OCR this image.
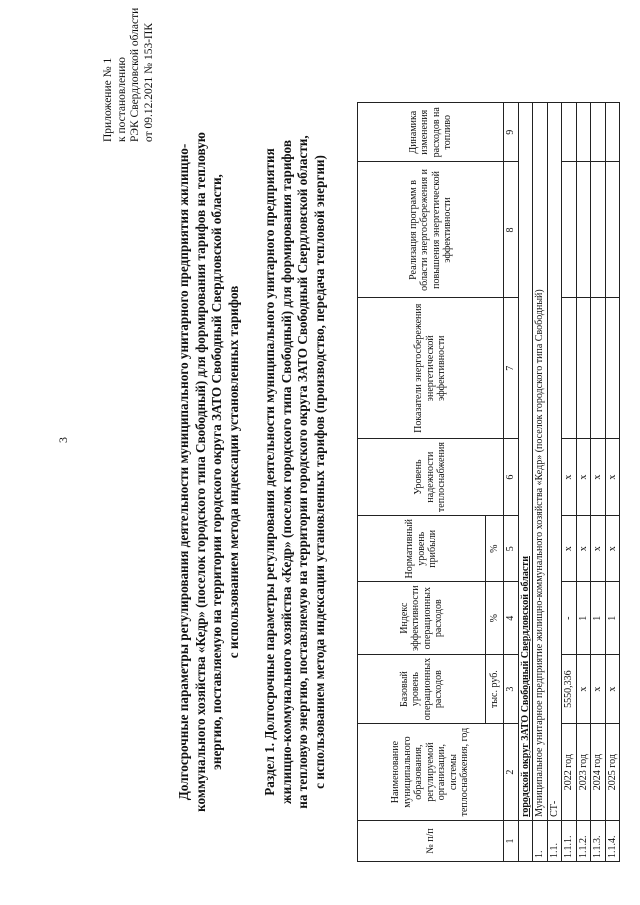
3
Приложение № 1 к постановлению РЭК Свердловской области от 09.12.2021 № 153-ПК
Долгосрочные параметры регулирования деятельности муниципального унитарного предприятия жилищно-
коммунального хозяйства «Кедр» (поселок городского типа Свободный) для формирования тарифов на тепловую
энергию, поставляемую на территории городского округа ЗАТО Свободный Свердловской области,
с использованием метода индексации установленных тарифов
Раздел 1. Долгосрочные параметры регулирования деятельности муниципального унитарного предприятия
жилищно-коммунального хозяйства «Кедр» (поселок городского типа Свободный) для формирования тарифов
на тепловую энергию, поставляемую на территории городского округа ЗАТО Свободный Свердловской области,
с использованием метода индексации установленных тарифов (производство, передача тепловой энергии)
№ п/п	Наименование муниципального образования, регулируемой организации, системы теплоснабжения, год	Базовый уровень операционных расходов	Индекс эффективности операционных расходов	Нормативный уровень прибыли	Уровень надежности теплоснабжения	Показатели энергосбережения энергетической эффективности	Реализация программ в области энергосбережения и повышения энергетической эффективности	Динамика изменения расходов на топливо
		тыс. руб.	%	%				
1	2	3	4	5	6	7	8	9
	городской округ ЗАТО Свободный Свердловской области							
1.	Муниципальное унитарное предприятие жилищно-коммунального хозяйства «Кедр» (поселок городского типа Свободный)							
1.1.	СТ-							
1.1.1.	2022 год	5550,336	-	х	х			
1.1.2.	2023 год	х	1	х	х			
1.1.3.	2024 год	х	1	х	х			
1.1.4.	2025 год	х	1	х	х			
